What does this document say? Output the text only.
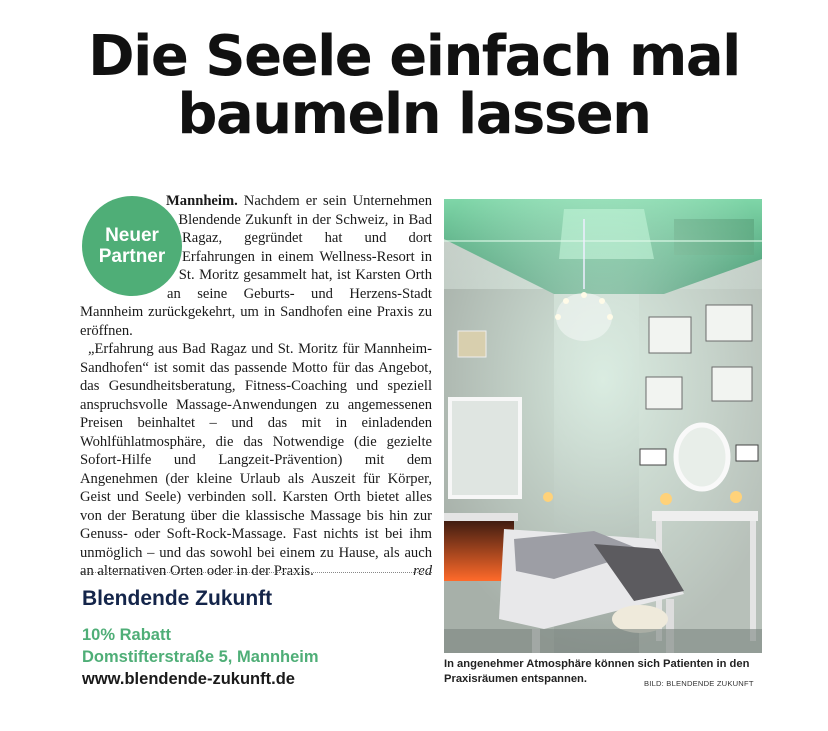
Die Seele einfach mal
baumeln lassen
Neuer
Partner

Mannheim. Nachdem er sein Unternehmen Blendende Zukunft in der Schweiz, in Bad Ragaz, gegründet hat und dort Erfahrungen in einem Wellness-Resort in St. Moritz gesammelt hat, ist Karsten Orth an seine Geburts- und Herzens-Stadt Mannheim zurückgekehrt, um in Sandhofen eine Praxis zu eröffnen.

„Erfahrung aus Bad Ragaz und St. Moritz für Mannheim-Sandhofen“ ist somit das passende Motto für das Angebot, das Gesundheitsberatung, Fitness-Coaching und speziell anspruchsvolle Massage-Anwendungen zu angemessenen Preisen beinhaltet – und das mit in einladenden Wohlfühlatmosphäre, die das Notwendige (die gezielte Sofort-Hilfe und Langzeit-Prävention) mit dem Angenehmen (der kleine Urlaub als Auszeit für Körper, Geist und Seele) verbinden soll. Karsten Orth bietet alles von der Beratung über die klassische Massage bis hin zur Genuss- oder Soft-Rock-Massage. Fast nichts ist bei ihm unmöglich – und das sowohl bei einem zu Hause, als auch an alternativen Orten oder in der Praxis.	red

Blendende Zukunft
10% Rabatt
Domstifterstraße 5, Mannheim
www.blendende-zukunft.de
In angenehmer Atmosphäre können sich Patienten in den Praxisräumen entspannen.	BILD: BLENDENDE ZUKUNFT
